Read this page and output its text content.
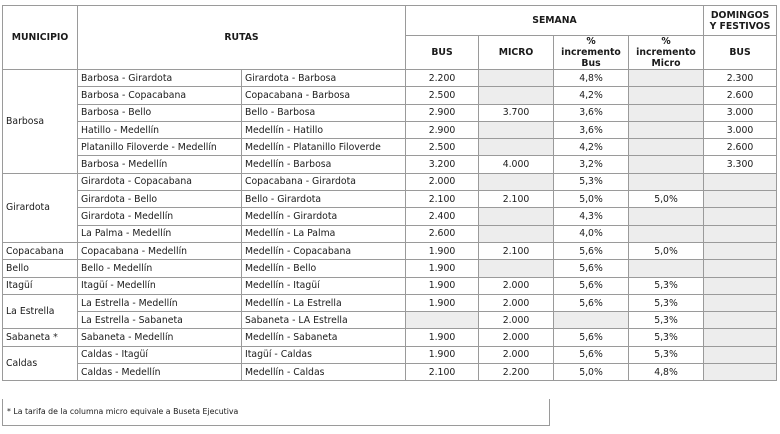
MUNICIPIO	RUTAS		SEMANA				DOMINGOS Y FESTIVOS
			BUS	MICRO	% incremento Bus	% incremento Micro	BUS
Barbosa	Barbosa - Girardota	Girardota - Barbosa	2.200		4,8%		2.300
	Barbosa - Copacabana	Copacabana - Barbosa	2.500		4,2%		2.600
	Barbosa - Bello	Bello - Barbosa	2.900	3.700	3,6%		3.000
	Hatillo - Medellín	Medellín - Hatillo	2.900		3,6%		3.000
	Platanillo Filoverde - Medellín	Medellín - Platanillo Filoverde	2.500		4,2%		2.600
	Barbosa - Medellín	Medellín - Barbosa	3.200	4.000	3,2%		3.300
Girardota	Girardota - Copacabana	Copacabana - Girardota	2.000		5,3%		
	Girardota - Bello	Bello - Girardota	2.100	2.100	5,0%	5,0%	
	Girardota - Medellín	Medellín - Girardota	2.400		4,3%		
	La Palma - Medellín	Medellín - La Palma	2.600		4,0%		
Copacabana	Copacabana - Medellín	Medellín - Copacabana	1.900	2.100	5,6%	5,0%	
Bello	Bello - Medellín	Medellín - Bello	1.900		5,6%		
Itagüí	Itagüí - Medellín	Medellín - Itagüí	1.900	2.000	5,6%	5,3%	
La Estrella	La Estrella - Medellín	Medellín - La Estrella	1.900	2.000	5,6%	5,3%	
	La Estrella - Sabaneta	Sabaneta - LA Estrella		2.000		5,3%	
Sabaneta *	Sabaneta - Medellín	Medellín - Sabaneta	1.900	2.000	5,6%	5,3%	
Caldas	Caldas - Itagüí	Itagüí - Caldas	1.900	2.000	5,6%	5,3%	
	Caldas - Medellín	Medellín - Caldas	2.100	2.200	5,0%	4,8%	
* La tarifa de la columna micro equivale a Buseta Ejecutiva
